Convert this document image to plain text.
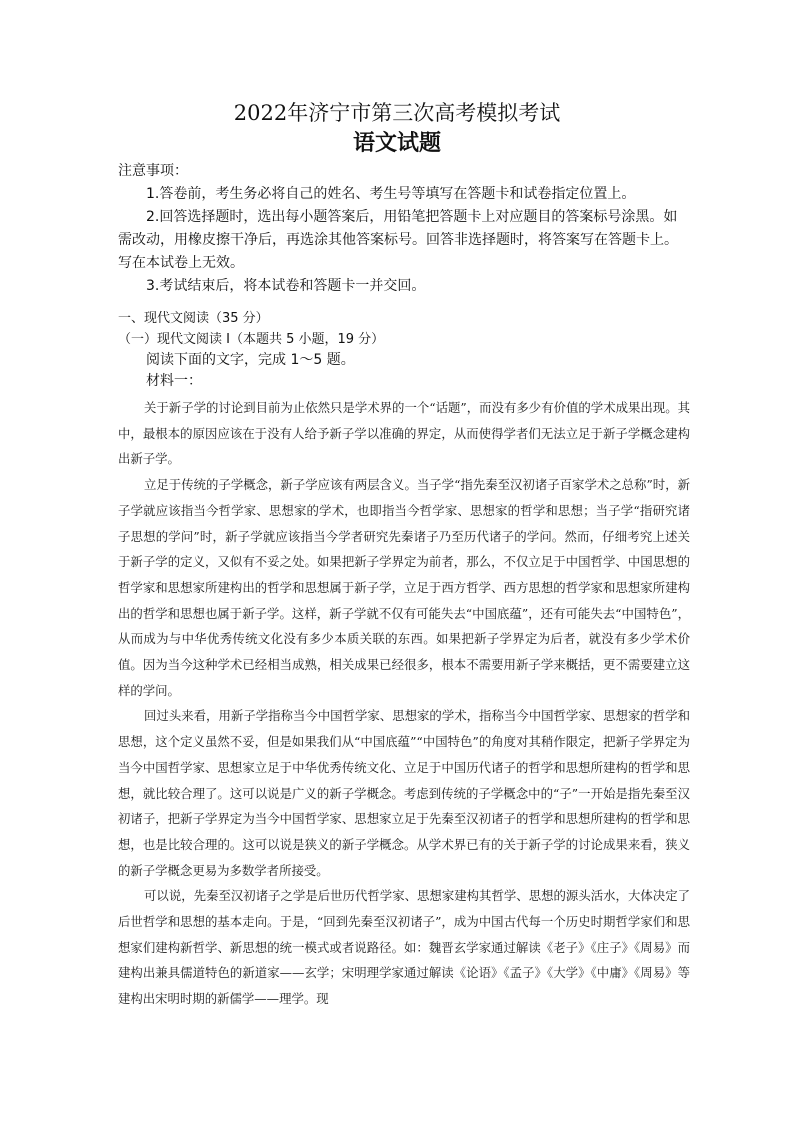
2022年济宁市第三次高考模拟考试
语文试题

注意事项：

1.答卷前，考生务必将自己的姓名、考生号等填写在答题卡和试卷指定位置上。

2.回答选择题时，选出每小题答案后，用铅笔把答题卡上对应题目的答案标号涂黑。如需改动，用橡皮擦干净后，再选涂其他答案标号。回答非选择题时，将答案写在答题卡上。写在本试卷上无效。

3.考试结束后，将本试卷和答题卡一并交回。

一、现代文阅读（35 分）

（一）现代文阅读 I（本题共 5 小题，19 分）

阅读下面的文字，完成 1～5 题。

材料一：

关于新子学的讨论到目前为止依然只是学术界的一个“话题”，而没有多少有价值的学术成果出现。其中，最根本的原因应该在于没有人给予新子学以准确的界定，从而使得学者们无法立足于新子学概念建构出新子学。

立足于传统的子学概念，新子学应该有两层含义。当子学“指先秦至汉初诸子百家学术之总称”时，新子学就应该指当今哲学家、思想家的学术，也即指当今哲学家、思想家的哲学和思想；当子学“指研究诸子思想的学问”时，新子学就应该指当今学者研究先秦诸子乃至历代诸子的学问。然而，仔细考究上述关于新子学的定义，又似有不妥之处。如果把新子学界定为前者，那么，不仅立足于中国哲学、中国思想的哲学家和思想家所建构出的哲学和思想属于新子学，立足于西方哲学、西方思想的哲学家和思想家所建构出的哲学和思想也属于新子学。这样，新子学就不仅有可能失去“中国底蕴”，还有可能失去“中国特色”，从而成为与中华优秀传统文化没有多少本质关联的东西。如果把新子学界定为后者，就没有多少学术价值。因为当今这种学术已经相当成熟，相关成果已经很多，根本不需要用新子学来概括，更不需要建立这样的学问。

回过头来看，用新子学指称当今中国哲学家、思想家的学术，指称当今中国哲学家、思想家的哲学和思想，这个定义虽然不妥，但是如果我们从“中国底蕴”“中国特色”的角度对其稍作限定，把新子学界定为当今中国哲学家、思想家立足于中华优秀传统文化、立足于中国历代诸子的哲学和思想所建构的哲学和思想，就比较合理了。这可以说是广义的新子学概念。考虑到传统的子学概念中的“子”一开始是指先秦至汉初诸子，把新子学界定为当今中国哲学家、思想家立足于先秦至汉初诸子的哲学和思想所建构的哲学和思想，也是比较合理的。这可以说是狭义的新子学概念。从学术界已有的关于新子学的讨论成果来看，狭义的新子学概念更易为多数学者所接受。

可以说，先秦至汉初诸子之学是后世历代哲学家、思想家建构其哲学、思想的源头活水，大体决定了后世哲学和思想的基本走向。于是，“回到先秦至汉初诸子”，成为中国古代每一个历史时期哲学家们和思想家们建构新哲学、新思想的统一模式或者说路径。如：魏晋玄学家通过解读《老子》《庄子》《周易》而建构出兼具儒道特色的新道家——玄学；宋明理学家通过解读《论语》《孟子》《大学》《中庸》《周易》等建构出宋明时期的新儒学——理学。现
